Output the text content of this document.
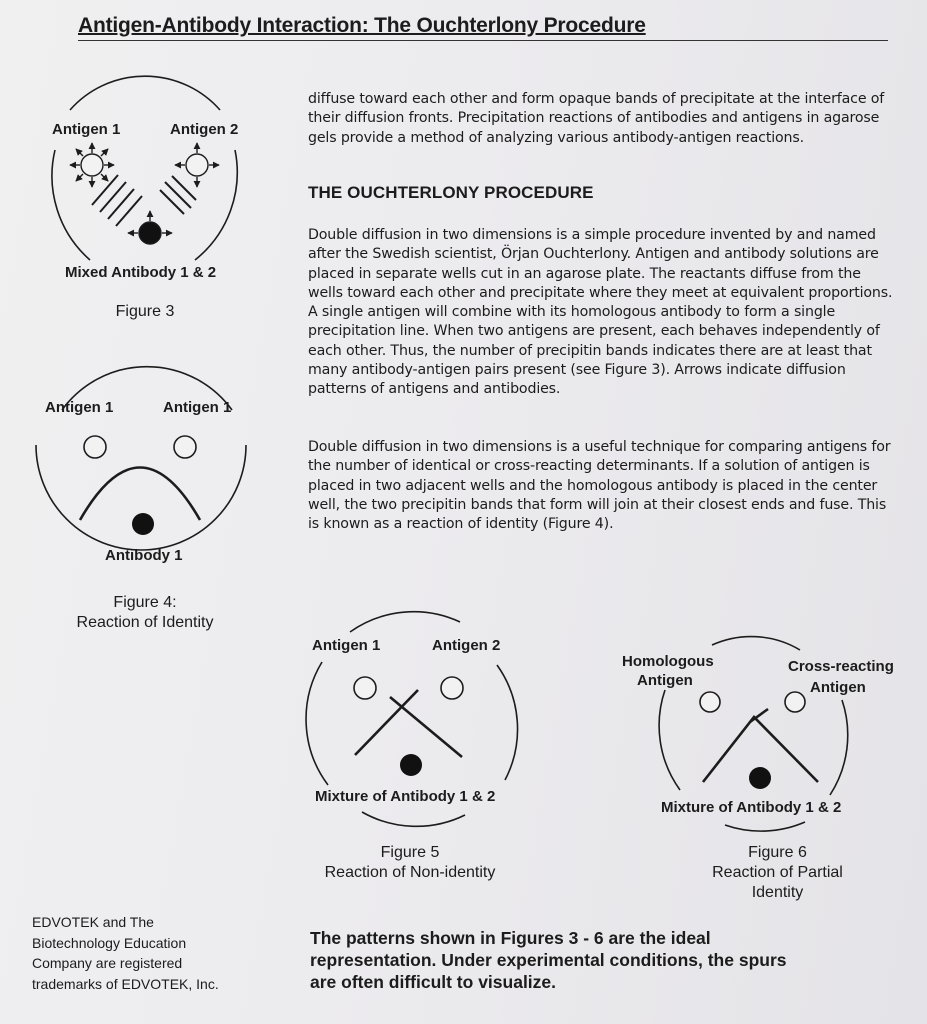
Antigen-Antibody Interaction: The Ouchterlony Procedure
diffuse toward each other and form opaque bands of precipitate at the interface of their diffusion fronts. Precipitation reactions of antibodies and antigens in agarose gels provide a method of analyzing various antibody-antigen reactions.
THE OUCHTERLONY PROCEDURE
Double diffusion in two dimensions is a simple procedure invented by and named after the Swedish scientist, Örjan Ouchterlony. Antigen and antibody solutions are placed in separate wells cut in an agarose plate. The reactants diffuse from the wells toward each other and precipitate where they meet at equivalent proportions. A single antigen will combine with its homologous antibody to form a single precipitation line. When two antigens are present, each behaves independently of each other. Thus, the number of precipitin bands indicates there are at least that many antibody-antigen pairs present (see Figure 3). Arrows indicate diffusion patterns of antigens and antibodies.
Double diffusion in two dimensions is a useful technique for comparing antigens for the number of identical or cross-reacting determinants. If a solution of antigen is placed in two adjacent wells and the homologous antibody is placed in the center well, the two precipitin bands that form will join at their closest ends and fuse. This is known as a reaction of identity (Figure 4).
Antigen 1	Antigen 2
Mixed Antibody 1 & 2
Antigen 1	Antigen 1
Antibody 1
Antigen 1	Antigen 2
Mixture of Antibody 1 & 2
Homologous
Antigen
Cross-reacting
Antigen
Mixture of Antibody 1 & 2
Figure 3
Figure 4:
Reaction of Identity
Figure 5
Reaction of Non-identity
Figure 6
Reaction of Partial
Identity
EDVOTEK and The
Biotechnology Education
Company are registered
trademarks of EDVOTEK, Inc.
The patterns shown in Figures 3 - 6 are the ideal
representation. Under experimental conditions, the spurs
are often difficult to visualize.
